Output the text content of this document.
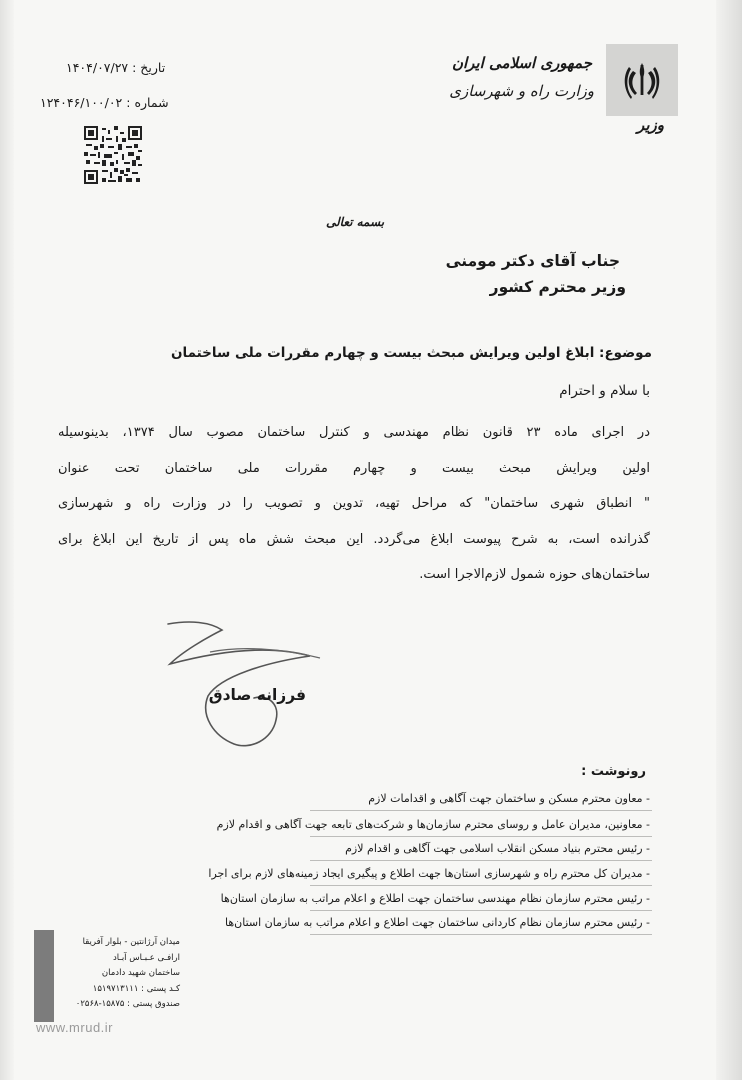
جمهوری اسلامی ایران
وزارت راه و شهرسازی
وزیر
تاریخ : ۱۴۰۴/۰۷/۲۷
شماره : ۱۲۴۰۴۶/۱۰۰/۰۲
بسمه تعالی
جناب آقای دکتر مومنی
وزیر محترم کشور
موضوع: ابلاغ اولین ویرایش مبحث بیست و چهارم مقررات ملی ساختمان
با سلام و احترام
در اجرای ماده ۲۳ قانون نظام مهندسی و کنترل ساختمان مصوب سال ۱۳۷۴، بدینوسیله
اولین ویرایش مبحث بیست و چهارم مقررات ملی ساختمان تحت عنوان
" انطباق شهری ساختمان" که مراحل تهیه، تدوین و تصویب را در وزارت راه و شهرسازی
گذرانده است، به شرح پیوست ابلاغ می‌گردد. این مبحث شش ماه پس از تاریخ این ابلاغ برای
ساختمان‌های حوزه شمول لازم‌الاجرا است.
فرزانه صادق
رونوشت :
- معاون محترم مسکن و ساختمان جهت آگاهی و اقدامات لازم
- معاونین، مدیران عامل و روسای محترم سازمان‌ها و شرکت‌های تابعه جهت آگاهی و اقدام لازم
- رئیس محترم بنیاد مسکن انقلاب اسلامی جهت آگاهی و اقدام لازم
- مدیران کل محترم راه و شهرسازی استان‌ها جهت اطلاع و پیگیری ایجاد زمینه‌های لازم برای اجرا
- رئیس محترم سازمان نظام مهندسی ساختمان جهت اطلاع و اعلام مراتب به سازمان استان‌ها
- رئیس محترم سازمان نظام کاردانی ساختمان جهت اطلاع و اعلام مراتب به سازمان استان‌ها
میدان آرژانتین - بلوار آفریقا
ارافـی عـبـاس آبـاد
ساختمان شهید دادمان
کـد پستی : ۱۵۱۹۷۱۳۱۱۱
صندوق پستی : ۱۵۸۷۵-۰۲۵۶۸
www.mrud.ir
